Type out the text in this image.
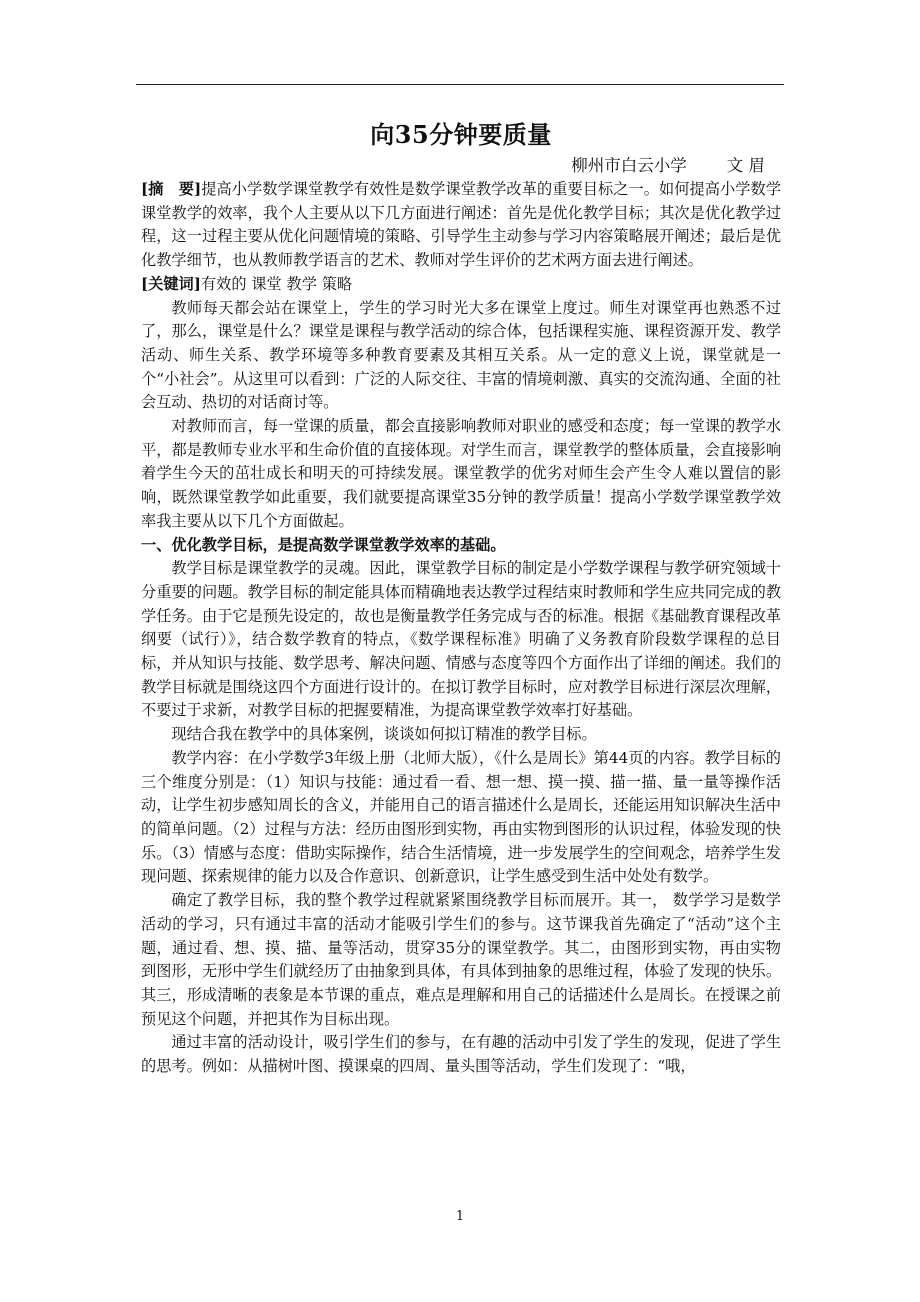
向35分钟要质量
柳州市白云小学 文 眉

[摘　要]提高小学数学课堂教学有效性是数学课堂教学改革的重要目标之一。如何提高小学数学课堂教学的效率，我个人主要从以下几方面进行阐述：首先是优化教学目标；其次是优化教学过程，这一过程主要从优化问题情境的策略、引导学生主动参与学习内容策略展开阐述；最后是优化教学细节，也从教师教学语言的艺术、教师对学生评价的艺术两方面去进行阐述。

[关键词]有效的 课堂 教学 策略

教师每天都会站在课堂上，学生的学习时光大多在课堂上度过。师生对课堂再也熟悉不过了，那么，课堂是什么？课堂是课程与教学活动的综合体，包括课程实施、课程资源开发、教学活动、师生关系、教学环境等多种教育要素及其相互关系。从一定的意义上说，课堂就是一个“小社会”。从这里可以看到：广泛的人际交往、丰富的情境刺激、真实的交流沟通、全面的社会互动、热切的对话商讨等。

对教师而言，每一堂课的质量，都会直接影响教师对职业的感受和态度；每一堂课的教学水平，都是教师专业水平和生命价值的直接体现。对学生而言，课堂教学的整体质量，会直接影响着学生今天的茁壮成长和明天的可持续发展。课堂教学的优劣对师生会产生令人难以置信的影响，既然课堂教学如此重要，我们就要提高课堂35分钟的教学质量！提高小学数学课堂教学效率我主要从以下几个方面做起。

一、优化教学目标，是提高数学课堂教学效率的基础。

教学目标是课堂教学的灵魂。因此，课堂教学目标的制定是小学数学课程与教学研究领域十分重要的问题。教学目标的制定能具体而精确地表达教学过程结束时教师和学生应共同完成的教学任务。由于它是预先设定的，故也是衡量教学任务完成与否的标准。根据《基础教育课程改革纲要（试行）》，结合数学教育的特点，《数学课程标准》明确了义务教育阶段数学课程的总目标，并从知识与技能、数学思考、解决问题、情感与态度等四个方面作出了详细的阐述。我们的教学目标就是围绕这四个方面进行设计的。在拟订教学目标时，应对教学目标进行深层次理解，不要过于求新，对教学目标的把握要精准，为提高课堂教学效率打好基础。

现结合我在教学中的具体案例，谈谈如何拟订精准的教学目标。

教学内容：在小学数学3年级上册（北师大版），《什么是周长》第44页的内容。教学目标的三个维度分别是：（1）知识与技能：通过看一看、想一想、摸一摸、描一描、量一量等操作活动，让学生初步感知周长的含义，并能用自己的语言描述什么是周长，还能运用知识解决生活中的简单问题。（2）过程与方法：经历由图形到实物，再由实物到图形的认识过程，体验发现的快乐。（3）情感与态度：借助实际操作，结合生活情境，进一步发展学生的空间观念，培养学生发现问题、探索规律的能力以及合作意识、创新意识，让学生感受到生活中处处有数学。

确定了教学目标，我的整个教学过程就紧紧围绕教学目标而展开。其一， 数学学习是数学活动的学习，只有通过丰富的活动才能吸引学生们的参与。这节课我首先确定了“活动”这个主题，通过看、想、摸、描、量等活动，贯穿35分的课堂教学。其二，由图形到实物，再由实物到图形，无形中学生们就经历了由抽象到具体，有具体到抽象的思维过程，体验了发现的快乐。其三，形成清晰的表象是本节课的重点，难点是理解和用自己的话描述什么是周长。在授课之前预见这个问题，并把其作为目标出现。

通过丰富的活动设计，吸引学生们的参与，在有趣的活动中引发了学生的发现，促进了学生的思考。例如：从描树叶图、摸课桌的四周、量头围等活动，学生们发现了：“哦，

1
